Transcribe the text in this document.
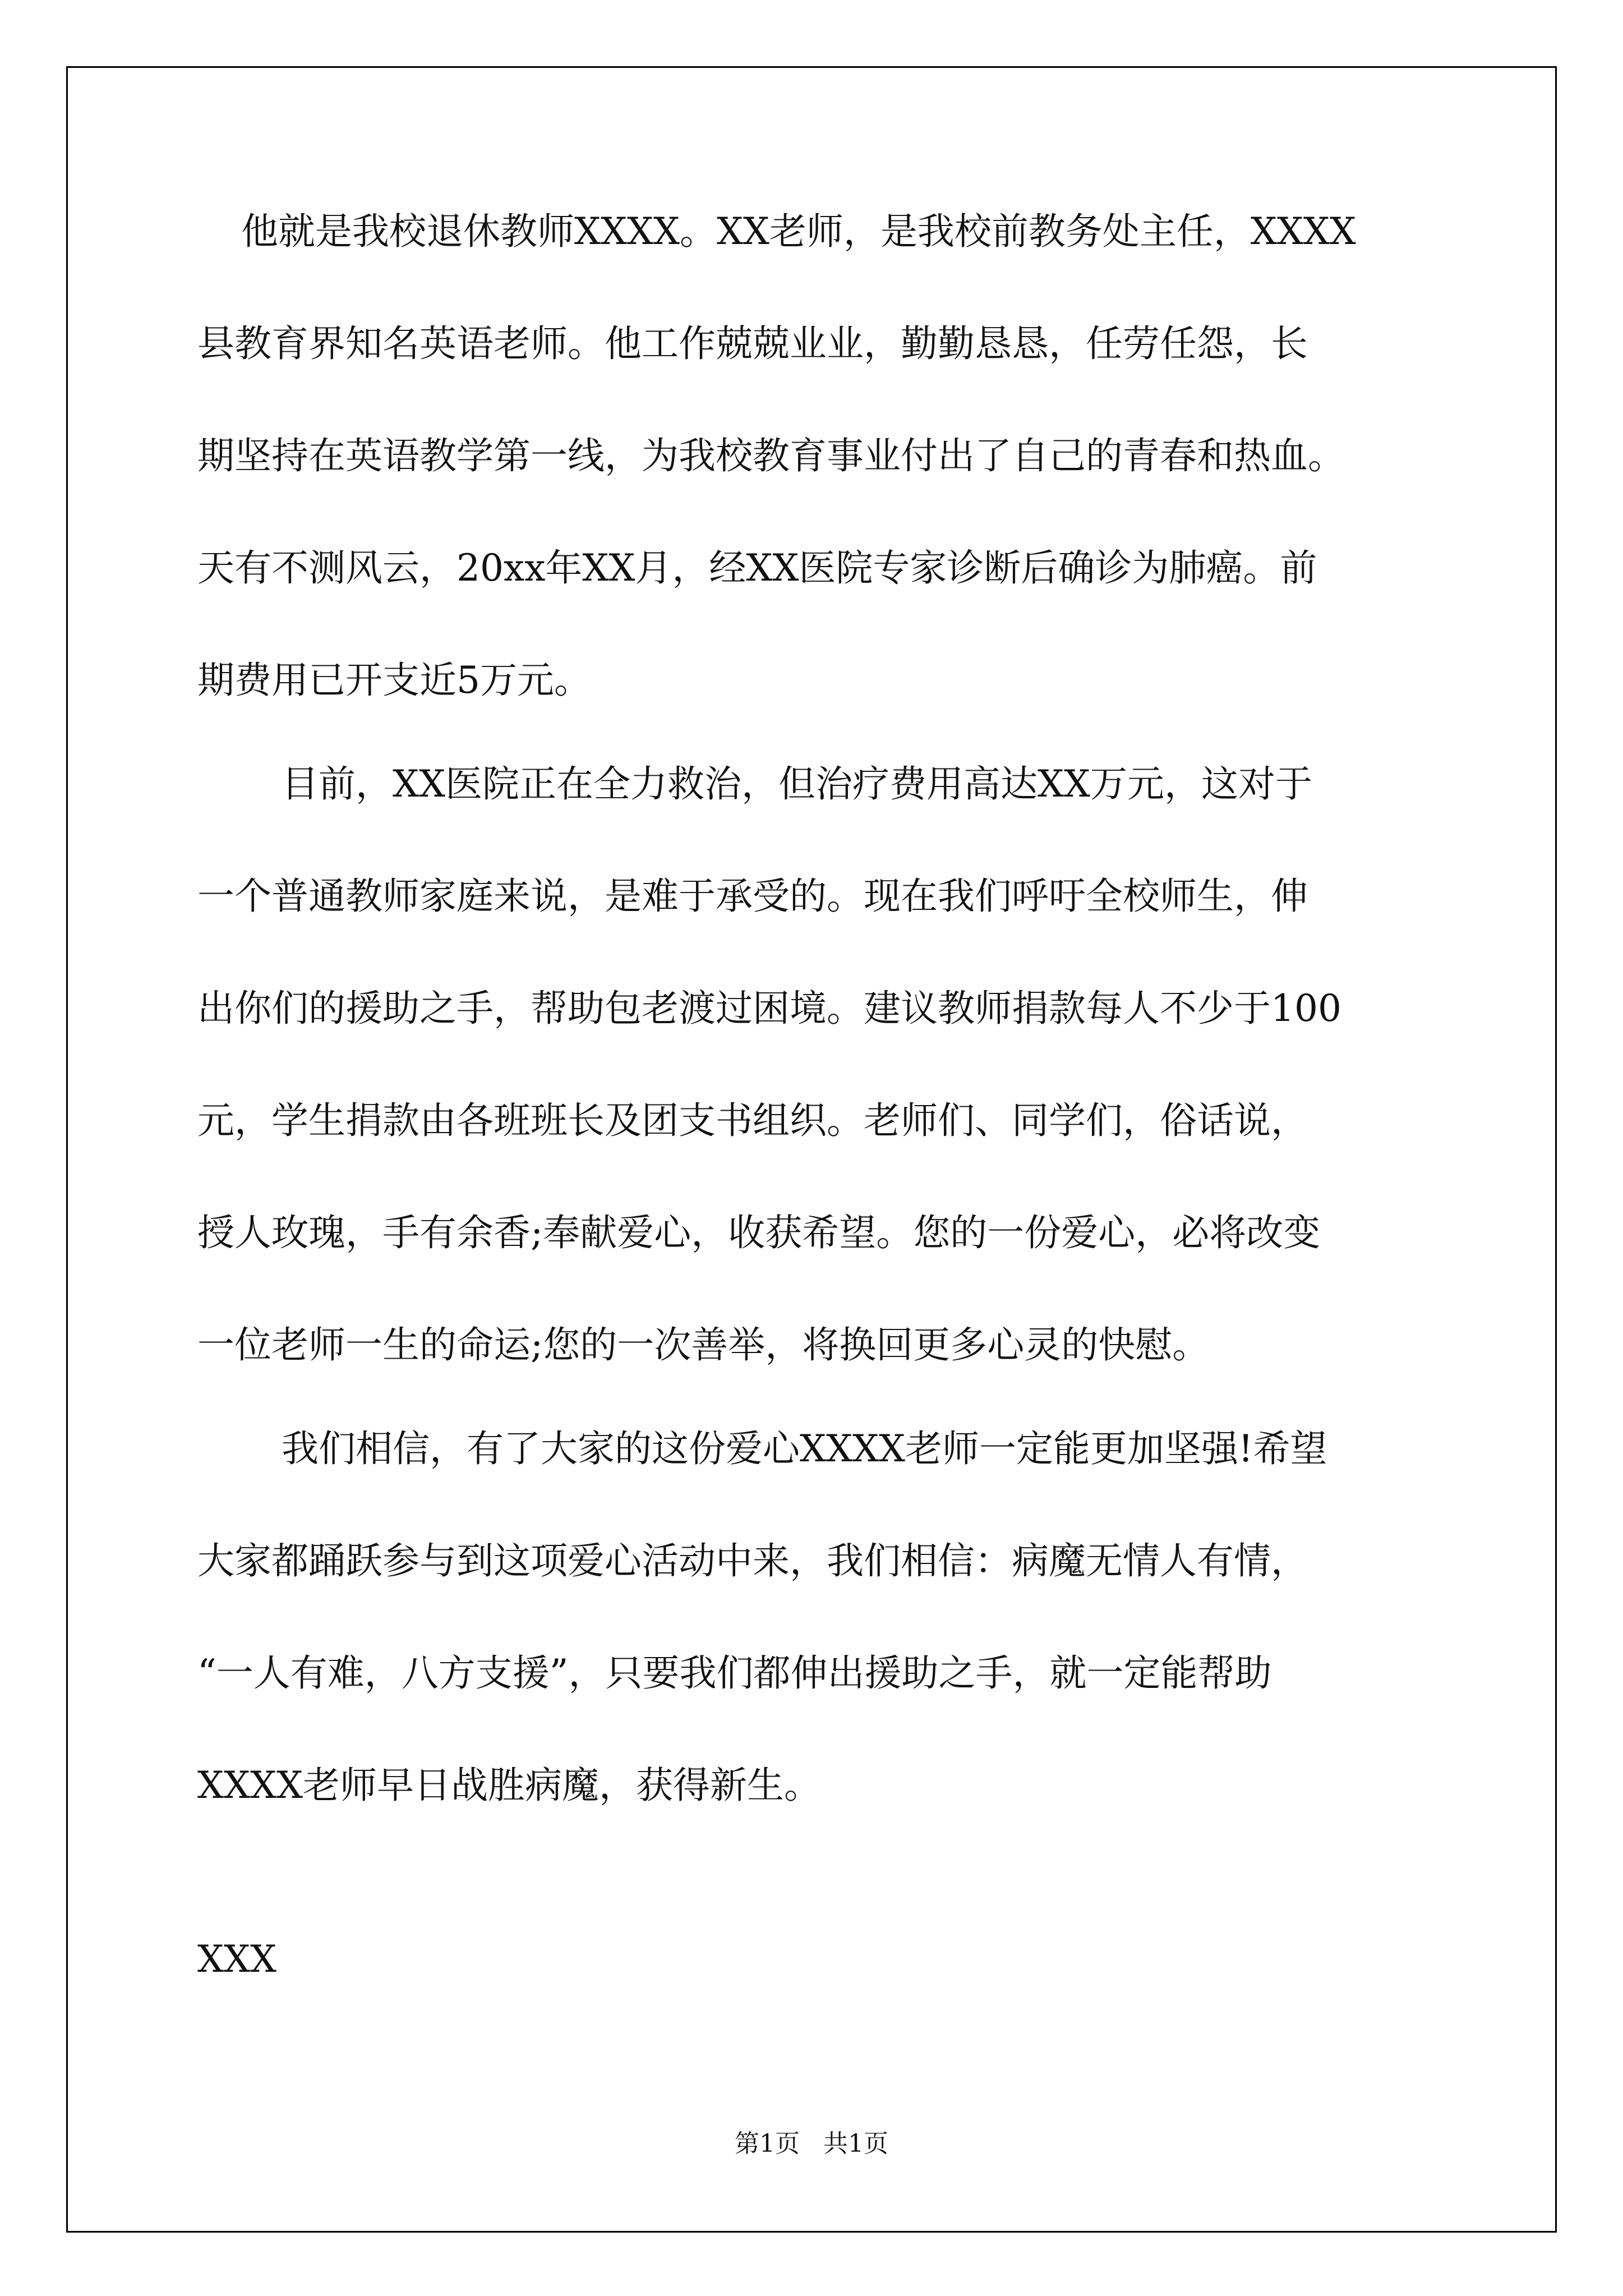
他就是我校退休教师XXXX。XX老师，是我校前教务处主任，XXXX
县教育界知名英语老师。他工作兢兢业业，勤勤恳恳，任劳任怨，长
期坚持在英语教学第一线，为我校教育事业付出了自己的青春和热血。
天有不测风云，20xx年XX月，经XX医院专家诊断后确诊为肺癌。前
期费用已开支近5万元。
目前，XX医院正在全力救治，但治疗费用高达XX万元，这对于
一个普通教师家庭来说，是难于承受的。现在我们呼吁全校师生，伸
出你们的援助之手，帮助包老渡过困境。建议教师捐款每人不少于100
元，学生捐款由各班班长及团支书组织。老师们、同学们，俗话说，
授人玫瑰，手有余香;奉献爱心，收获希望。您的一份爱心，必将改变
一位老师一生的命运;您的一次善举，将换回更多心灵的快慰。
我们相信，有了大家的这份爱心XXXX老师一定能更加坚强!希望
大家都踊跃参与到这项爱心活动中来，我们相信：病魔无情人有情，
“一人有难，八方支援”，只要我们都伸出援助之手，就一定能帮助
XXXX老师早日战胜病魔，获得新生。
XXX
第1页   共1页
